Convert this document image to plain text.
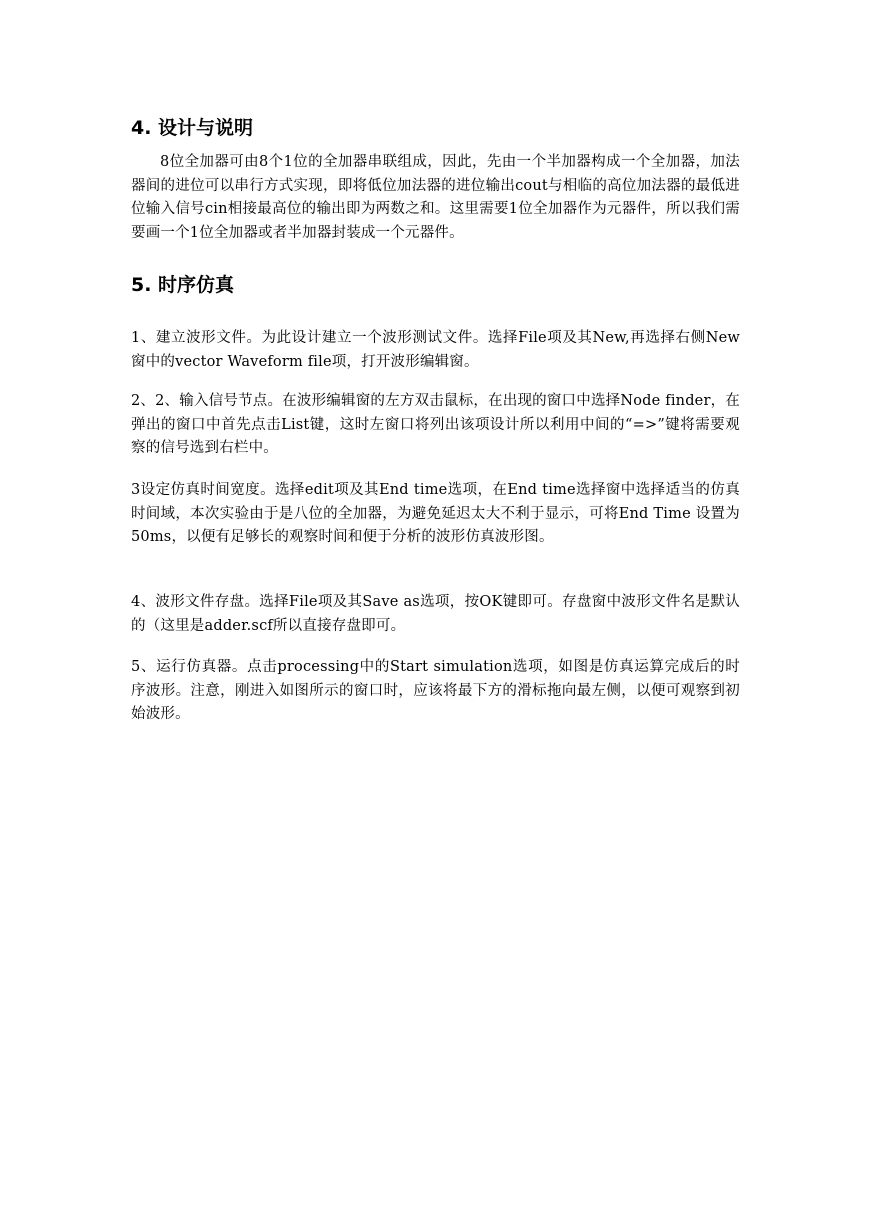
4. 设计与说明

8位全加器可由8个1位的全加器串联组成，因此，先由一个半加器构成一个全加器，加法器间的进位可以串行方式实现，即将低位加法器的进位输出cout与相临的高位加法器的最低进位输入信号cin相接最高位的输出即为两数之和。这里需要1位全加器作为元器件，所以我们需要画一个1位全加器或者半加器封装成一个元器件。

5. 时序仿真

1、建立波形文件。为此设计建立一个波形测试文件。选择File项及其New,再选择右侧New窗中的vector Waveform file项，打开波形编辑窗。

2、2、输入信号节点。在波形编辑窗的左方双击鼠标，在出现的窗口中选择Node finder，在弹出的窗口中首先点击List键，这时左窗口将列出该项设计所以利用中间的“=>”键将需要观察的信号选到右栏中。

3设定仿真时间宽度。选择edit项及其End time选项，在End time选择窗中选择适当的仿真时间域，本次实验由于是八位的全加器，为避免延迟太大不利于显示，可将End Time 设置为50ms，以便有足够长的观察时间和便于分析的波形仿真波形图。

4、波形文件存盘。选择File项及其Save as选项，按OK键即可。存盘窗中波形文件名是默认的（这里是adder.scf所以直接存盘即可。

5、运行仿真器。点击processing中的Start simulation选项，如图是仿真运算完成后的时序波形。注意，刚进入如图所示的窗口时，应该将最下方的滑标拖向最左侧，以便可观察到初始波形。
